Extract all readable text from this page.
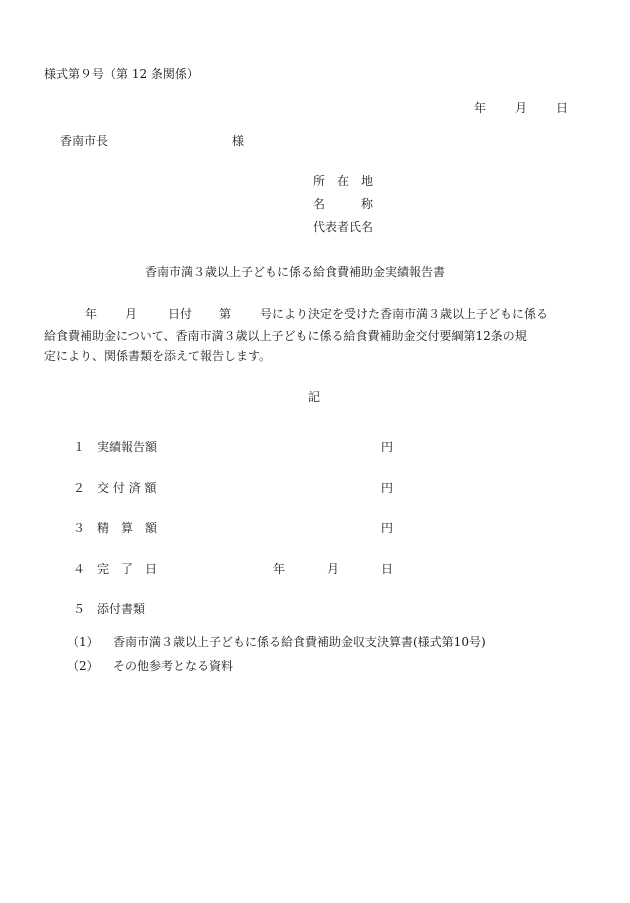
様式第９号（第 12 条関係）
年 月 日
香南市長	様
所　在　地
名　　　称
代表者氏名
香南市満３歳以上子どもに係る給食費補助金実績報告書
年 月	日付 第 号により決定を受けた香南市満３歳以上子どもに係る
給食費補助金について、香南市満３歳以上子どもに係る給食費補助金交付要綱第12条の規
定により、関係書類を添えて報告します。
記
１ 実績報告額	円
２ 交 付 済 額	円
３ 精　算　額	円
４ 完　了　日	年	月	日
５ 添付書類
（1） 香南市満３歳以上子どもに係る給食費補助金収支決算書(様式第10号)
（2） その他参考となる資料
